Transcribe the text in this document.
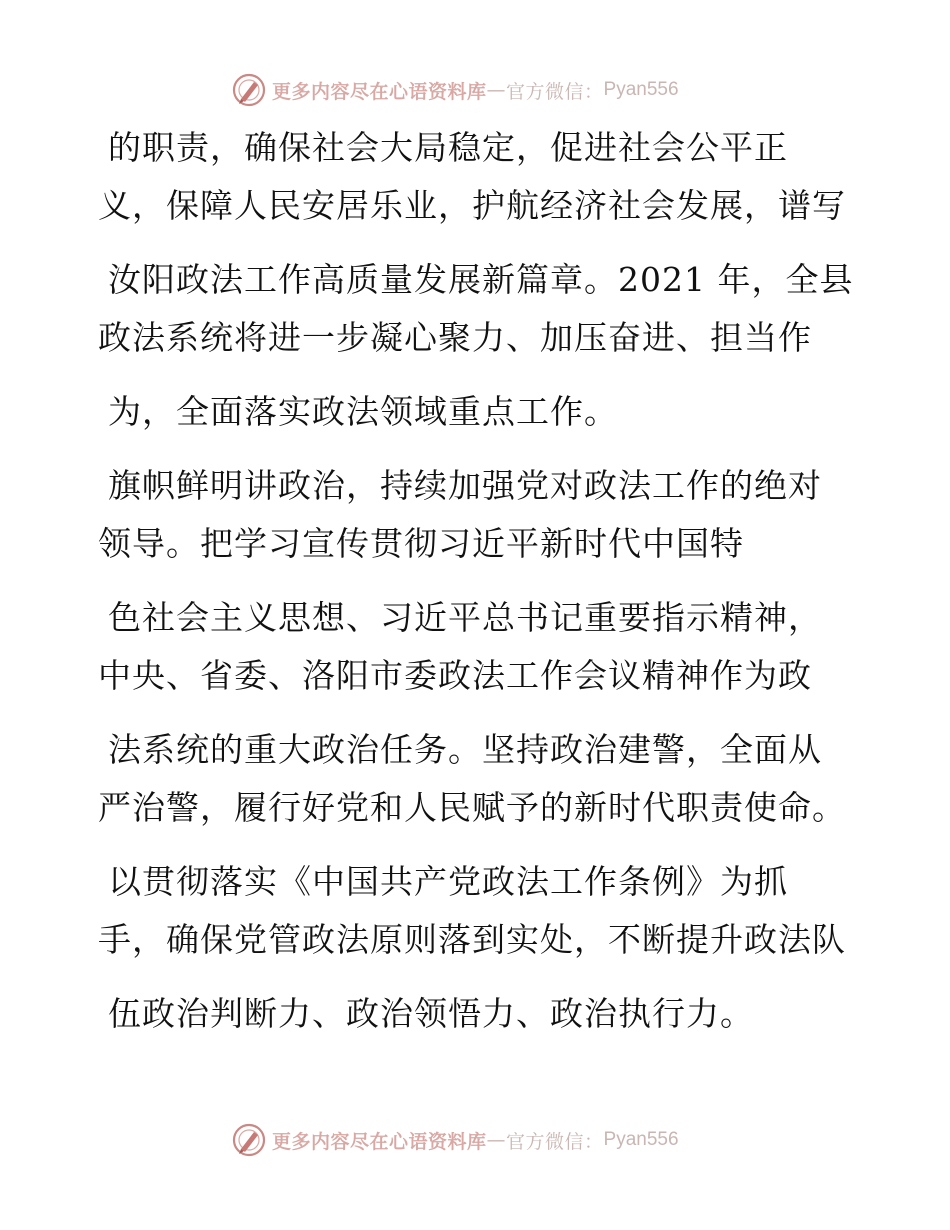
更多内容尽在心语资料库 — 官方微信： Pyan556
的职责，确保社会大局稳定，促进社会公平正
义，保障人民安居乐业，护航经济社会发展，谱写
汝阳政法工作高质量发展新篇章。2021 年，全县
政法系统将进一步凝心聚力、加压奋进、担当作
为，全面落实政法领域重点工作。
旗帜鲜明讲政治，持续加强党对政法工作的绝对
领导。把学习宣传贯彻习近平新时代中国特
色社会主义思想、习近平总书记重要指示精神，
中央、省委、洛阳市委政法工作会议精神作为政
法系统的重大政治任务。坚持政治建警，全面从
严治警，履行好党和人民赋予的新时代职责使命。
以贯彻落实《中国共产党政法工作条例》为抓
手，确保党管政法原则落到实处，不断提升政法队
伍政治判断力、政治领悟力、政治执行力。
更多内容尽在心语资料库 — 官方微信： Pyan556
